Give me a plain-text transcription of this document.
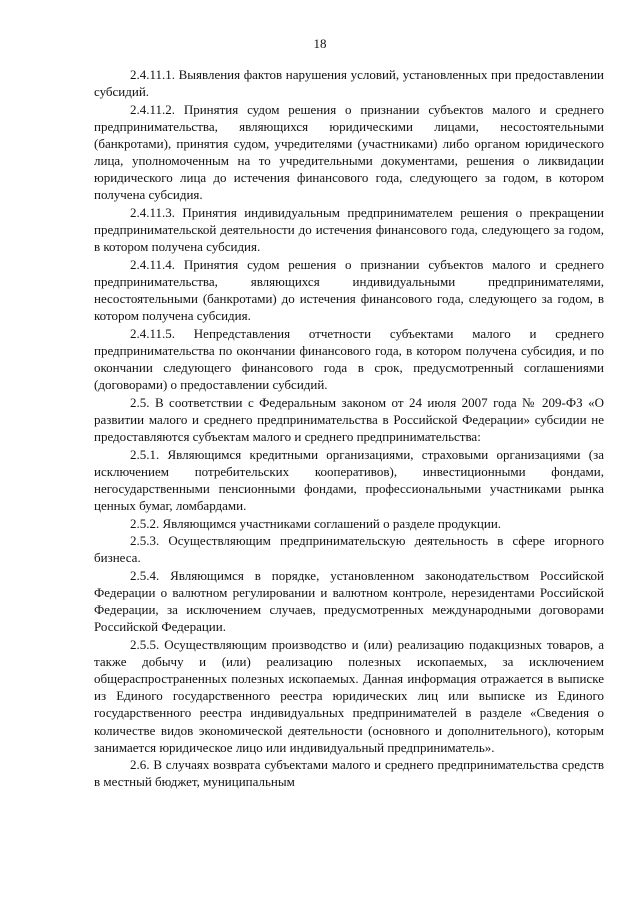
18

2.4.11.1. Выявления фактов нарушения условий, установленных при предоставлении субсидий.

2.4.11.2. Принятия судом решения о признании субъектов малого и среднего предпринимательства, являющихся юридическими лицами, несостоятельными (банкротами), принятия судом, учредителями (участниками) либо органом юридического лица, уполномоченным на то учредительными документами, решения о ликвидации юридического лица до истечения финансового года, следующего за годом, в котором получена субсидия.

2.4.11.3. Принятия индивидуальным предпринимателем решения о прекращении предпринимательской деятельности до истечения финансового года, следующего за годом, в котором получена субсидия.

2.4.11.4. Принятия судом решения о признании субъектов малого и среднего предпринимательства, являющихся индивидуальными предпринимателями, несостоятельными (банкротами) до истечения финансового года, следующего за годом, в котором получена субсидия.

2.4.11.5. Непредставления отчетности субъектами малого и среднего предпринимательства по окончании финансового года, в котором получена субсидия, и по окончании следующего финансового года в срок, предусмотренный соглашениями (договорами) о предоставлении субсидий.

2.5. В соответствии с Федеральным законом от 24 июля 2007 года № 209-ФЗ «О развитии малого и среднего предпринимательства в Российской Федерации» субсидии не предоставляются субъектам малого и среднего предпринимательства:

2.5.1. Являющимся кредитными организациями, страховыми организациями (за исключением потребительских кооперативов), инвестиционными фондами, негосударственными пенсионными фондами, профессиональными участниками рынка ценных бумаг, ломбардами.

2.5.2. Являющимся участниками соглашений о разделе продукции.

2.5.3. Осуществляющим предпринимательскую деятельность в сфере игорного бизнеса.

2.5.4. Являющимся в порядке, установленном законодательством Российской Федерации о валютном регулировании и валютном контроле, нерезидентами Российской Федерации, за исключением случаев, предусмотренных международными договорами Российской Федерации.

2.5.5. Осуществляющим производство и (или) реализацию подакцизных товаров, а также добычу и (или) реализацию полезных ископаемых, за исключением общераспространенных полезных ископаемых. Данная информация отражается в выписке из Единого государственного реестра юридических лиц или выписке из Единого государственного реестра индивидуальных предпринимателей в разделе «Сведения о количестве видов экономической деятельности (основного и дополнительного), которым занимается юридическое лицо или индивидуальный предприниматель».

2.6. В случаях возврата субъектами малого и среднего предпринимательства средств в местный бюджет, муниципальным
